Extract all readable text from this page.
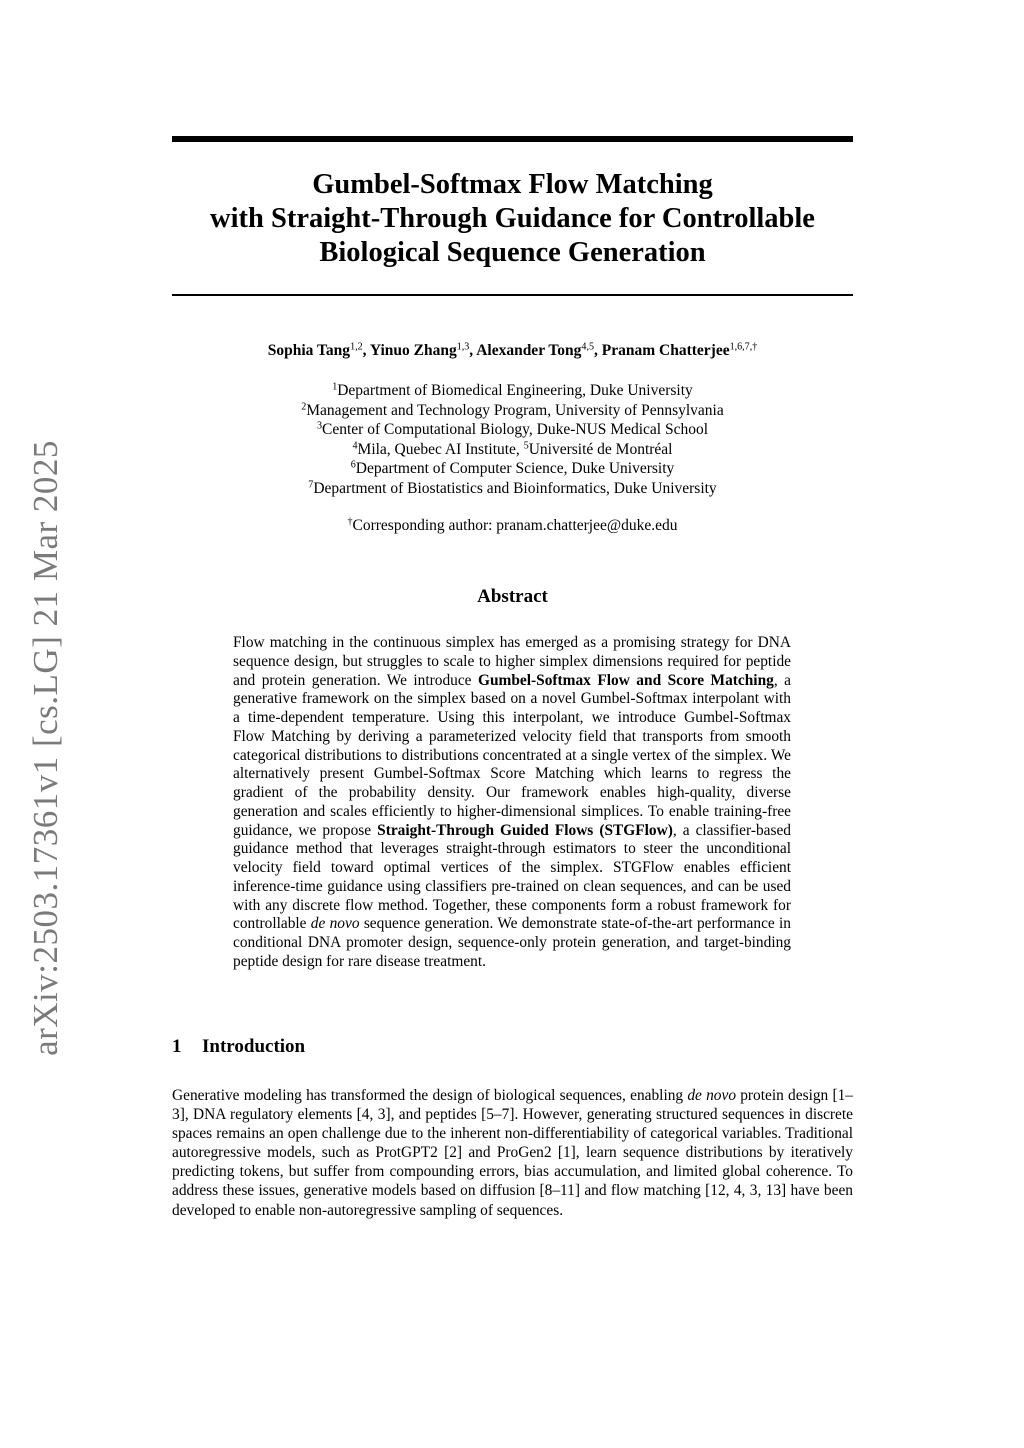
arXiv:2503.17361v1 [cs.LG] 21 Mar 2025
Gumbel-Softmax Flow Matching
with Straight-Through Guidance for Controllable
Biological Sequence Generation
Sophia Tang$^{1,2}$, Yinuo Zhang$^{1,3}$, Alexander Tong$^{4,5}$, Pranam Chatterjee$^{1,6,7,\dagger}$
$^1$Department of Biomedical Engineering, Duke University
$^2$Management and Technology Program, University of Pennsylvania
$^3$Center of Computational Biology, Duke-NUS Medical School
$^4$Mila, Quebec AI Institute, $^5$Université de Montréal
$^6$Department of Computer Science, Duke University
$^7$Department of Biostatistics and Bioinformatics, Duke University
†Corresponding author: pranam.chatterjee@duke.edu
Abstract
Flow matching in the continuous simplex has emerged as a promising strategy for DNA sequence design, but struggles to scale to higher simplex dimensions required for peptide and protein generation. We introduce Gumbel-Softmax Flow and Score Matching, a generative framework on the simplex based on a novel Gumbel-Softmax interpolant with a time-dependent temperature. Using this interpolant, we introduce Gumbel-Softmax Flow Matching by deriving a parameterized velocity field that transports from smooth categorical distributions to distributions concentrated at a single vertex of the simplex. We alternatively present Gumbel-Softmax Score Matching which learns to regress the gradient of the probability density. Our framework enables high-quality, diverse generation and scales efficiently to higher-dimensional simplices. To enable training-free guidance, we propose Straight-Through Guided Flows (STGFlow), a classifier-based guidance method that leverages straight-through estimators to steer the unconditional velocity field toward optimal vertices of the simplex. STGFlow enables efficient inference-time guidance using classifiers pre-trained on clean sequences, and can be used with any discrete flow method. Together, these components form a robust framework for controllable de novo sequence generation. We demonstrate state-of-the-art performance in conditional DNA promoter design, sequence-only protein generation, and target-binding peptide design for rare disease treatment.
1 Introduction
Generative modeling has transformed the design of biological sequences, enabling de novo protein design [1–3], DNA regulatory elements [4, 3], and peptides [5–7]. However, generating structured sequences in discrete spaces remains an open challenge due to the inherent non-differentiability of categorical variables. Traditional autoregressive models, such as ProtGPT2 [2] and ProGen2 [1], learn sequence distributions by iteratively predicting tokens, but suffer from compounding errors, bias accumulation, and limited global coherence. To address these issues, generative models based on diffusion [8–11] and flow matching [12, 4, 3, 13] have been developed to enable non-autoregressive sampling of sequences.
